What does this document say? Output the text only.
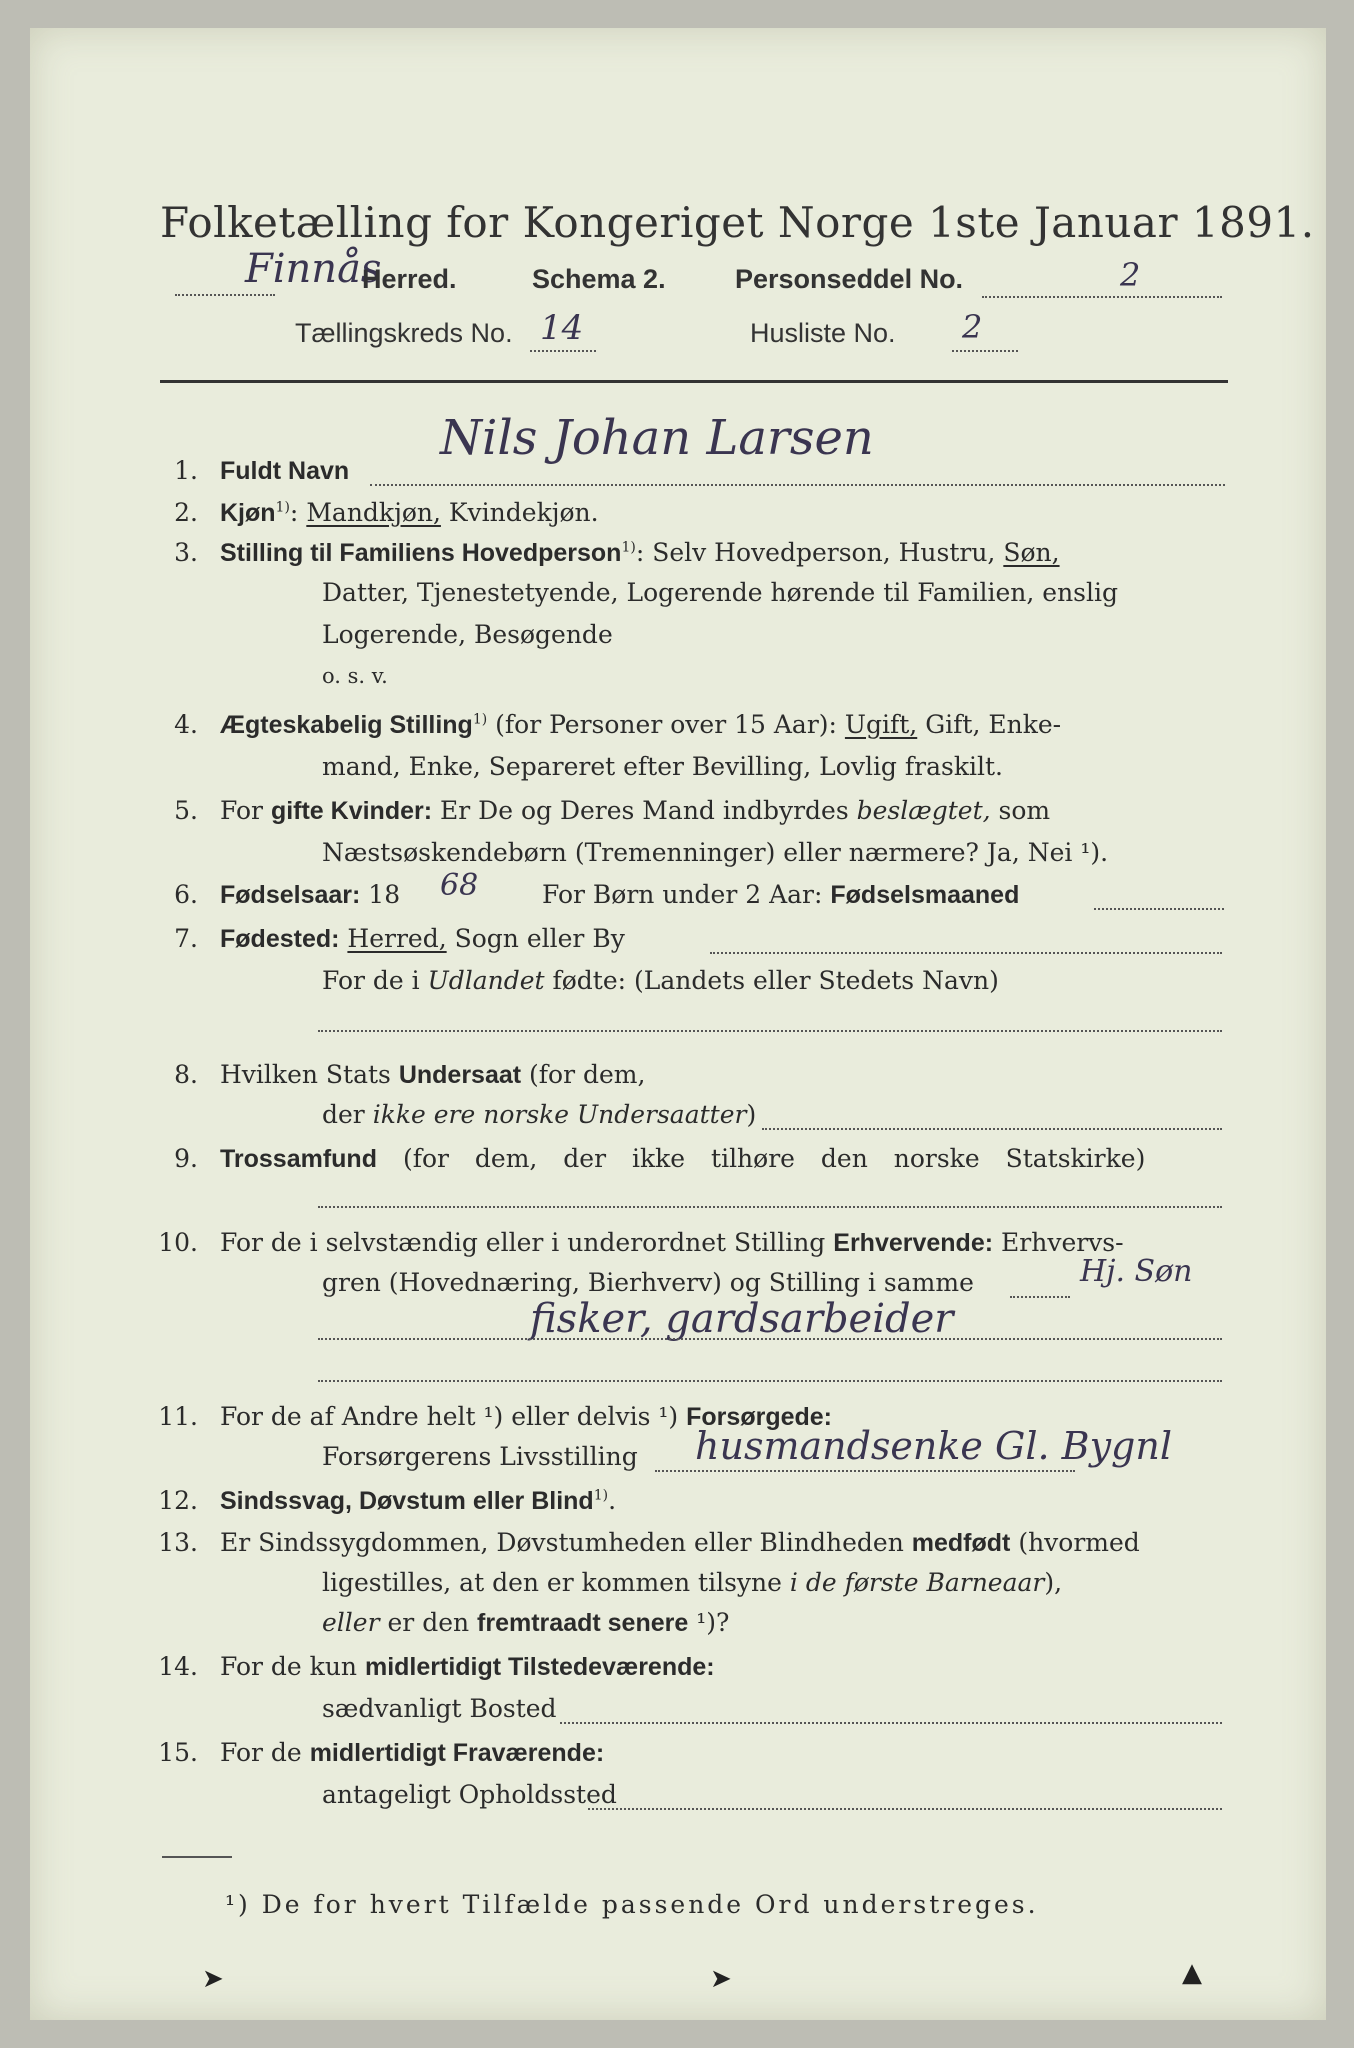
Folketælling for Kongeriget Norge 1ste Januar 1891.
Finnås
Herred.	Schema 2.	Personseddel No.	2
Tællingskreds No. 14	Husliste No. 2
1. Fuldt Navn
Nils Johan Larsen
2. Kjøn$^{1)}$: Mandkjøn, Kvindekjøn.
3. Stilling til Familiens Hovedperson$^{1)}$: Selv Hovedperson, Hustru, Søn,
Datter, Tjenestetyende, Logerende hørende til Familien, enslig
Logerende, Besøgende
o. s. v.
4. Ægteskabelig Stilling$^{1)}$ (for Personer over 15 Aar): Ugift, Gift, Enke-
mand, Enke, Separeret efter Bevilling, Lovlig fraskilt.
5. For gifte Kvinder: Er De og Deres Mand indbyrdes beslægtet, som
Næstsøskendebørn (Tremenninger) eller nærmere? Ja, Nei ¹).
6. Fødselsaar: 18 68	For Børn under 2 Aar: Fødselsmaaned
7. Fødested: Herred, Sogn eller By
For de i Udlandet fødte: (Landets eller Stedets Navn)
8. Hvilken Stats Undersaat (for dem,
der ikke ere norske Undersaatter)
9. Trossamfund (for dem, der ikke tilhøre den norske Statskirke)
10. For de i selvstændig eller i underordnet Stilling Erhvervende: Erhvervs-
gren (Hovednæring, Bierhverv) og Stilling i samme	Hj. Søn
fisker, gardsarbeider
11. For de af Andre helt ¹) eller delvis ¹) Forsørgede:
Forsørgerens Livsstilling husmandsenke Gl. Bygnl
12. Sindssvag, Døvstum eller Blind$^{1)}$.
13. Er Sindssygdommen, Døvstumheden eller Blindheden medfødt (hvormed
ligestilles, at den er kommen tilsyne i de første Barneaar),
eller er den fremtraadt senere ¹)?
14. For de kun midlertidigt Tilstedeværende:
sædvanligt Bosted
15. For de midlertidigt Fraværende:
antageligt Opholdssted
¹) De for hvert Tilfælde passende Ord understreges.
➤	➤	▲
